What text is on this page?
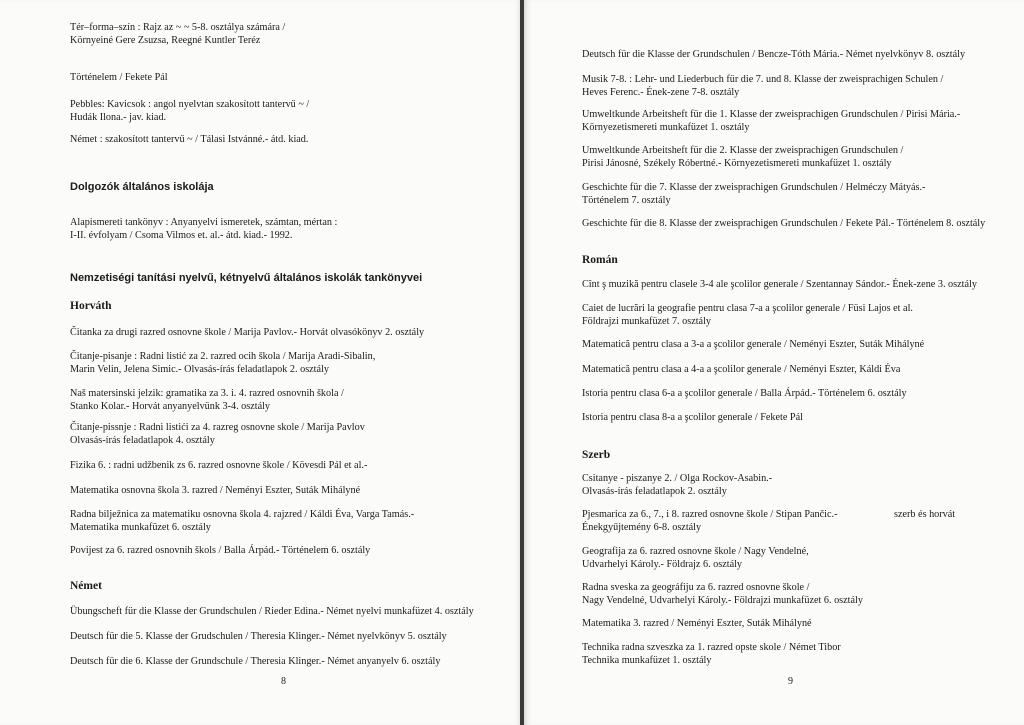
Tér–forma–szín : Rajz az ~ ~ 5-8. osztálya számára /
Környeiné Gere Zsuzsa, Reegné Kuntler Teréz
Történelem / Fekete Pál
Pebbles: Kavicsok : angol nyelvtan szakosított tantervű ~ /
Hudák Ilona.- jav. kiad.
Német : szakosított tantervű ~ / Tálasi Istvánné.- átd. kiad.
Dolgozók általános iskolája
Alapismereti tankönyv : Anyanyelvi ismeretek, számtan, mértan :
I-II. évfolyam / Csoma Vilmos et. al.- átd. kiad.- 1992.
Nemzetiségi tanítási nyelvű, kétnyelvű általános iskolák tankönyvei
Horváth
Čitanka za drugi razred osnovne škole / Marija Pavlov.- Horvát olvasókönyv 2. osztály
Čitanje-pisanje : Radni listić za 2. razred ocih škola / Marija Aradi-Sibalin,
Marin Velin, Jelena Simic.- Olvasás-írás feladatlapok 2. osztály
Naš matersinski jelzik: gramatika za 3. i. 4. razred osnovnih škola /
Stanko Kolar.- Horvát anyanyelvünk 3-4. osztály
Čitanje-pissnje : Radni listići za 4. razreg osnovne skole / Marija Pavlov
Olvasás-írás feladatlapok 4. osztály
Fizika 6. : radni udžbenik zs 6. razred osnovne škole / Kövesdi Pál et al.-
Matematika osnovna škola 3. razred / Neményi Eszter, Suták Mihályné
Radna bilježnica za matematiku osnovna škola 4. rajzred / Káldi Éva, Varga Tamás.-
Matematika munkafüzet 6. osztály
Povijest za 6. razred osnovnih škols / Balla Árpád.- Történelem 6. osztály
Német
Übungscheft für die Klasse der Grundschulen / Rieder Edina.- Német nyelvi munkafüzet 4. osztály
Deutsch für die 5. Klasse der Grudschulen / Theresia Klinger.- Német nyelvkönyv 5. osztály
Deutsch für die 6. Klasse der Grundschule / Theresia Klinger.- Német anyanyelv 6. osztály
8
Deutsch für die Klasse der Grundschulen / Bencze-Tóth Mária.- Német nyelvkönyv 8. osztály
Musik 7-8. : Lehr- und Liederbuch für die 7. und 8. Klasse der zweisprachigen Schulen /
Heves Ferenc.- Ének-zene 7-8. osztály
Umweltkunde Arbeitsheft für die 1. Klasse der zweisprachigen Grundschulen / Pirisi Mária.-
Környezetismereti munkafüzet 1. osztály
Umweltkunde Arbeitsheft für die 2. Klasse der zweisprachigen Grundschulen /
Pirisi Jánosné, Székely Róbertné.- Környezetismereti munkafüzet 1. osztály
Geschichte für die 7. Klasse der zweisprachigen Grundschulen / Helméczy Mátyás.-
Történelem 7. osztály
Geschichte für die 8. Klasse der zweisprachigen Grundschulen / Fekete Pál.- Történelem 8. osztály
Román
Cînt ş muzikă pentru clasele 3-4 ale şcolilor generale / Szentannay Sándor.- Ének-zene 3. osztály
Caiet de lucrări la geografie pentru clasa 7-a a şcolilor generale / Füsi Lajos et al.
Földrajzi munkafüzet 7. osztály
Matematică pentru clasa a 3-a a şcolilor generale / Neményi Eszter, Suták Mihályné
Matematică pentru clasa a 4-a a şcolilor generale / Neményi Eszter, Káldi Éva
Istoria pentru clasa 6-a a şcolilor generale / Balla Árpád.- Történelem 6. osztály
Istoria pentru clasa 8-a a şcolilor generale / Fekete Pál
Szerb
Csitanye - piszanye 2. / Olga Rockov-Asabin.-
Olvasás-írás feladatlapok 2. osztály
Pjesmarica za 6., 7., i 8. razred osnovne škole / Stipan Pančic.-
Énekgyűjtemény 6-8. osztály
szerb és horvát
Geografija za 6. razred osnovne škole / Nagy Vendelné,
Udvarhelyi Károly.- Földrajz 6. osztály
Radna sveska za geográfiju za 6. razred osnovne škole /
Nagy Vendelné, Udvarhelyi Károly.- Földrajzi munkafüzet 6. osztály
Matematika 3. razred / Neményi Eszter, Suták Mihályné
Technika radna szveszka za 1. razred opste skole / Német Tibor
Technika munkafüzet 1. osztály
9
